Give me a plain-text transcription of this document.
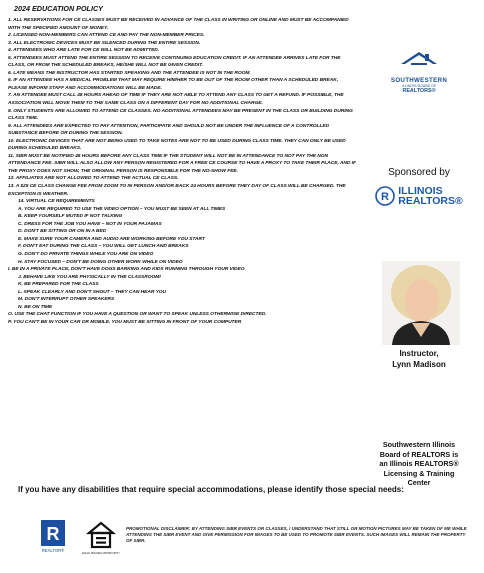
2024 EDUCATION POLICY
1. ALL RESERVATIONS FOR CE CLASSES MUST BE RECEIVED IN ADVANCE OF THE CLASS IN WRITING OR ONLINE AND MUST BE ACCOMPANIED WITH THE SPECIFIED AMOUNT OF MONEY.
2. LICENSED NON-MEMBERS CAN ATTEND CE AND PAY THE NON-MEMBER PRICES.
3. ALL ELECTRONIC DEVICES MUST BE SILENCED DURING THE ENTIRE SESSION.
4. ATTENDEES WHO ARE LATE FOR CE WILL NOT BE ADMITTED.
5. ATTENDEES MUST ATTEND THE ENTIRE SESSION TO RECEIVE CONTINUING EDUCATION CREDIT. IF AN ATTENDEE ARRIVES LATE FOR THE CLASS, OR FROM THE SCHEDULED BREAKS, HE/SHE WILL NOT BE GIVEN CREDIT.
6. LATE MEANS THE INSTRUCTOR HAS STARTED SPEAKING AND THE ATTENDEE IS NOT IN THE ROOM.
6. IF AN ATTENDEE HAS A MEDICAL PROBLEM THAT MAY REQUIRE HIM/HER TO BE OUT OF THE ROOM OTHER THAN A SCHEDULED BREAK, PLEASE INFORM STAFF AND ACCOMMODATIONS WILL BE MADE.
7. AN ATTENDEE MUST CALL 48 HOURS AHEAD OF TIME IF THEY ARE NOT ABLE TO ATTEND ANY CLASS TO GET A REFUND. IF POSSIBLE, THE ASSOCIATION WILL MOVE THEM TO THE SAME CLASS ON A DIFFERENT DAY FOR NO ADDITIONAL CHARGE.
8. ONLY STUDENTS ARE ALLOWED TO ATTEND CE CLASSES. NO ADDITIONAL ATTENDEES MAY BE PRESENT IN THE CLASS OR BUILDING DURING CLASS TIME.
9. ALL ATTENDEES ARE EXPECTED TO PAY ATTENTION, PARTICIPATE AND SHOULD NOT BE UNDER THE INFLUENCE OF A CONTROLLED SUBSTANCE BEFORE OR DURING THE SESSION.
10. ELECTRONIC DEVICES THAT ARE NOT BEING USED TO TAKE NOTES ARE NOT TO BE USED DURING CLASS TIME. THEY CAN ONLY BE USED DURING SCHEDULED BREAKS.
11. SIBR MUST BE NOTIFIED 48 HOURS BEFORE ANY CLASS TIME IF THE STUDENT WILL NOT BE IN ATTENDANCE TO NOT PAY THE NON ATTENDANCE FEE. SIBR WILL ALSO ALLOW ANY PERSON REGISTERED FOR A FREE CE COURSE TO HAVE A PROXY TO TAKE THEIR PLACE, AND IF THE PROXY DOES NOT SHOW, THE ORIGINAL PERSON IS RESPONSIBLE FOR THE NO-SHOW FEE.
12. AFFILIATES ARE NOT ALLOWED TO ATTEND THE ACTUAL CE CLASS.
13. A $25 CE CLASS CHANGE FEE FROM ZOOM TO IN PERSON AND/OR BACK 24 HOURS BEFORE THEY DAY OF CLASS WILL BE CHARGED. THE EXCEPTION IS WEATHER.
14. VIRTUAL CE REQUIREMENTS
A. YOU ARE REQUIRED TO USE THE VIDEO OPTION – YOU MUST BE SEEN AT ALL TIMES
B. KEEP YOURSELF MUTED IF NOT TALKING
C. DRESS FOR THE JOB YOU HAVE – NOT IN YOUR PAJAMAS
D. DON'T BE SITTING OR ON IN A BED
E. MAKE SURE YOUR CAMERA AND AUDIO ARE WORKING BEFORE YOU START
F. DON'T EAT DURING THE CLASS – YOU WILL GET LUNCH AND BREAKS
G. DON'T DO PRIVATE THINGS WHILE YOU ARE ON VIDEO
H. STAY FOCUSED – DON'T BE DOING OTHER WORK WHILE ON VIDEO
I. BE IN A PRIVATE PLACE, DON'T HAVE DOGS BARKING AND KIDS RUNNING THROUGH YOUR VIDEO
J. BEHAVE LIKE YOU ARE PHYSICALLY IN THE CLASSROOM!
K. BE PREPARED FOR THE CLASS
L. SPEAK CLEARLY AND DON'T SHOUT – THEY CAN HEAR YOU
M. DON'T INTERRUPT OTHER SPEAKERS
N. BE ON TIME
O. USE THE CHAT FUNCTION IF YOU HAVE A QUESTION OR WANT TO SPEAK UNLESS OTHERWISE DIRECTED.
P. YOU CAN'T BE IN YOUR CAR OR MOBILE. YOU MUST BE SITTING IN FRONT OF YOUR COMPUTER
SOUTHWESTERN
ILLINOIS BOARD OF
REALTORS®
Sponsored by
R ILLINOIS
REALTORS®
Instructor,
Lynn Madison
Southwestern Illinois
Board of REALTORS is
an Illinois REALTORS®
Licensing & Training
Center
If you have any disabilities that require special accommodations, please identify those special needs:
R
REALTOR®
EQUAL HOUSING OPPORTUNITY
PROMOTIONAL DISCLAIMER: BY ATTENDING SIBR EVENTS OR CLASSES, I UNDERSTAND THAT STILL OR MOTION PICTURES MAY BE TAKEN OF ME WHILE ATTENDING THE SIBR EVENT AND GIVE PERMISSION FOR IMAGES TO BE USED TO PROMOTE SIBR EVENTS. SUCH IMAGES WILL REMAIN THE PROPERTY OF SIBR.
